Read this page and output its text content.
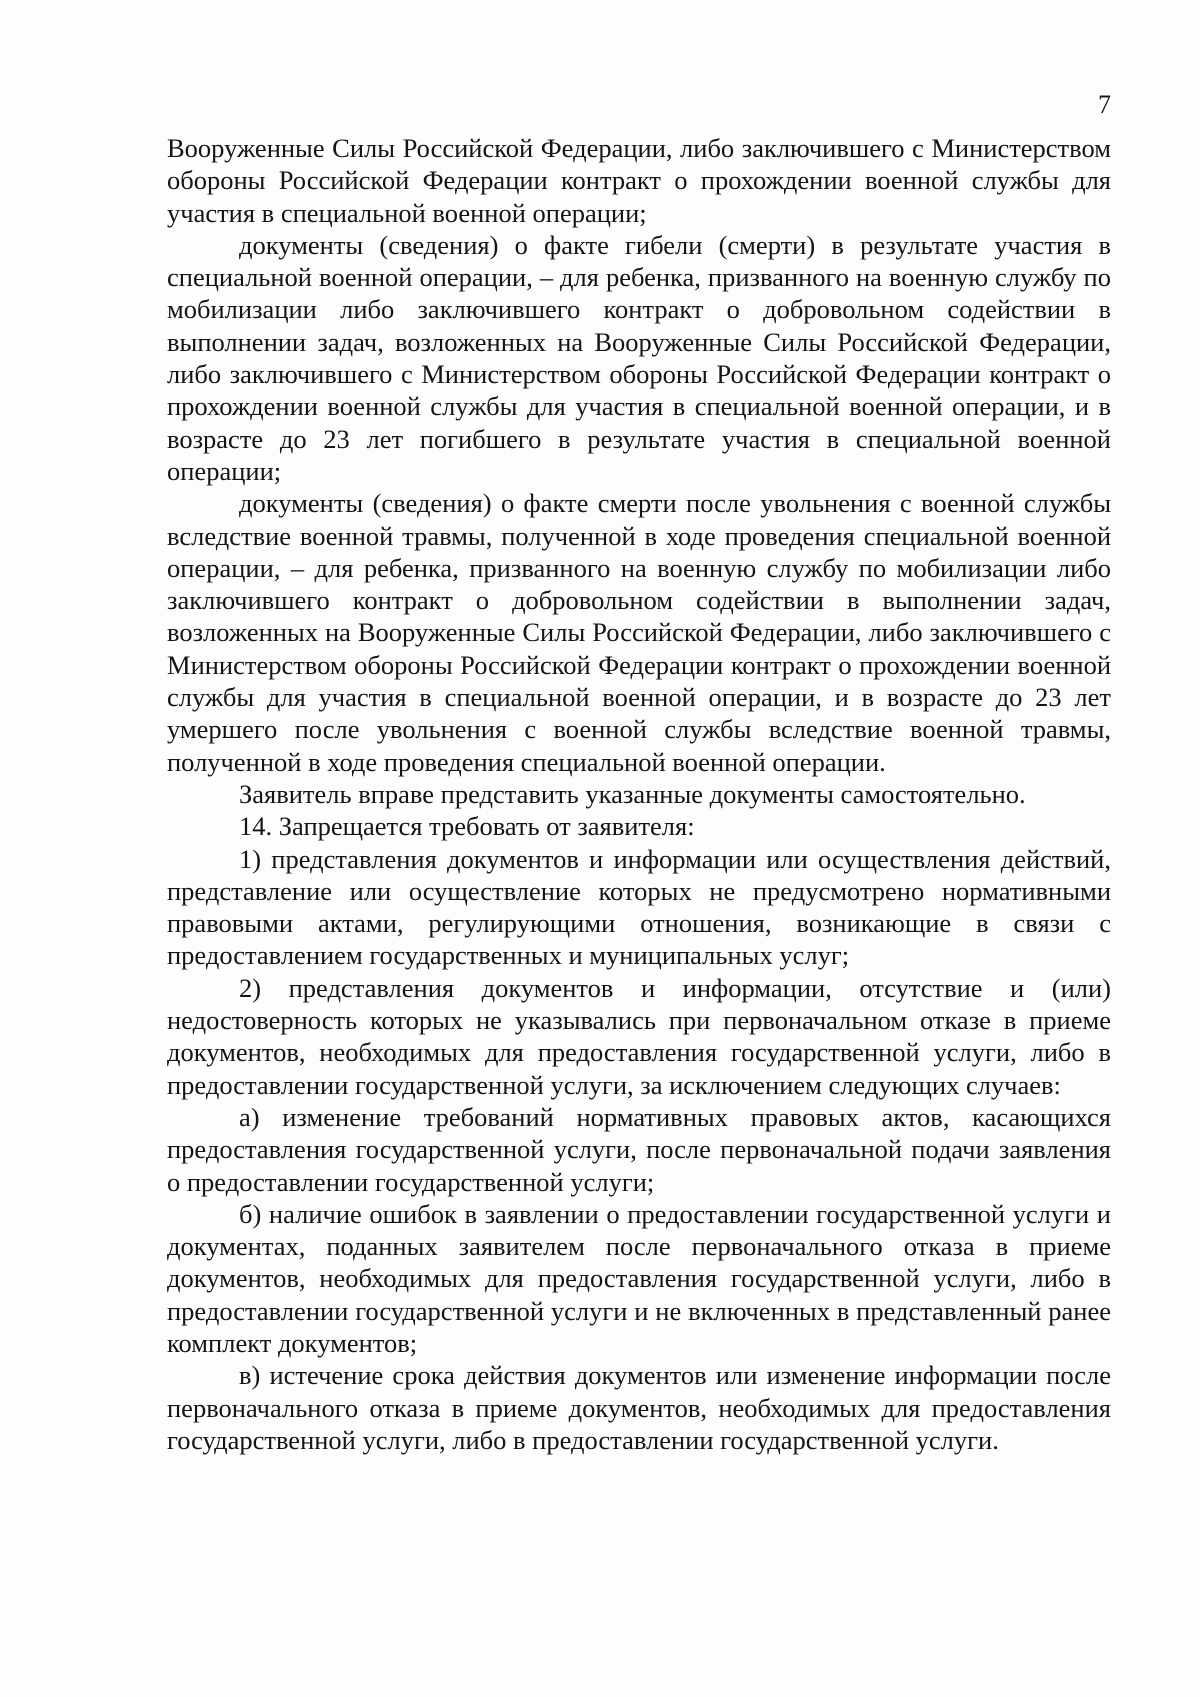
7

Вооруженные Силы Российской Федерации, либо заключившего с Министерством обороны Российской Федерации контракт о прохождении военной службы для участия в специальной военной операции;

документы (сведения) о факте гибели (смерти) в результате участия в специальной военной операции, – для ребенка, призванного на военную службу по мобилизации либо заключившего контракт о добровольном содействии в выполнении задач, возложенных на Вооруженные Силы Российской Федерации, либо заключившего с Министерством обороны Российской Федерации контракт о прохождении военной службы для участия в специальной военной операции, и в возрасте до 23 лет погибшего в результате участия в специальной военной операции;

документы (сведения) о факте смерти после увольнения с военной службы вследствие военной травмы, полученной в ходе проведения специальной военной операции, – для ребенка, призванного на военную службу по мобилизации либо заключившего контракт о добровольном содействии в выполнении задач, возложенных на Вооруженные Силы Российской Федерации, либо заключившего с Министерством обороны Российской Федерации контракт о прохождении военной службы для участия в специальной военной операции, и в возрасте до 23 лет умершего после увольнения с военной службы вследствие военной травмы, полученной в ходе проведения специальной военной операции.

Заявитель вправе представить указанные документы самостоятельно.

14. Запрещается требовать от заявителя:

1) представления документов и информации или осуществления действий, представление или осуществление которых не предусмотрено нормативными правовыми актами, регулирующими отношения, возникающие в связи с предоставлением государственных и муниципальных услуг;

2) представления документов и информации, отсутствие и (или) недостоверность которых не указывались при первоначальном отказе в приеме документов, необходимых для предоставления государственной услуги, либо в предоставлении государственной услуги, за исключением следующих случаев:

а) изменение требований нормативных правовых актов, касающихся предоставления государственной услуги, после первоначальной подачи заявления о предоставлении государственной услуги;

б) наличие ошибок в заявлении о предоставлении государственной услуги и документах, поданных заявителем после первоначального отказа в приеме документов, необходимых для предоставления государственной услуги, либо в предоставлении государственной услуги и не включенных в представленный ранее комплект документов;

в) истечение срока действия документов или изменение информации после первоначального отказа в приеме документов, необходимых для предоставления государственной услуги, либо в предоставлении государственной услуги.
